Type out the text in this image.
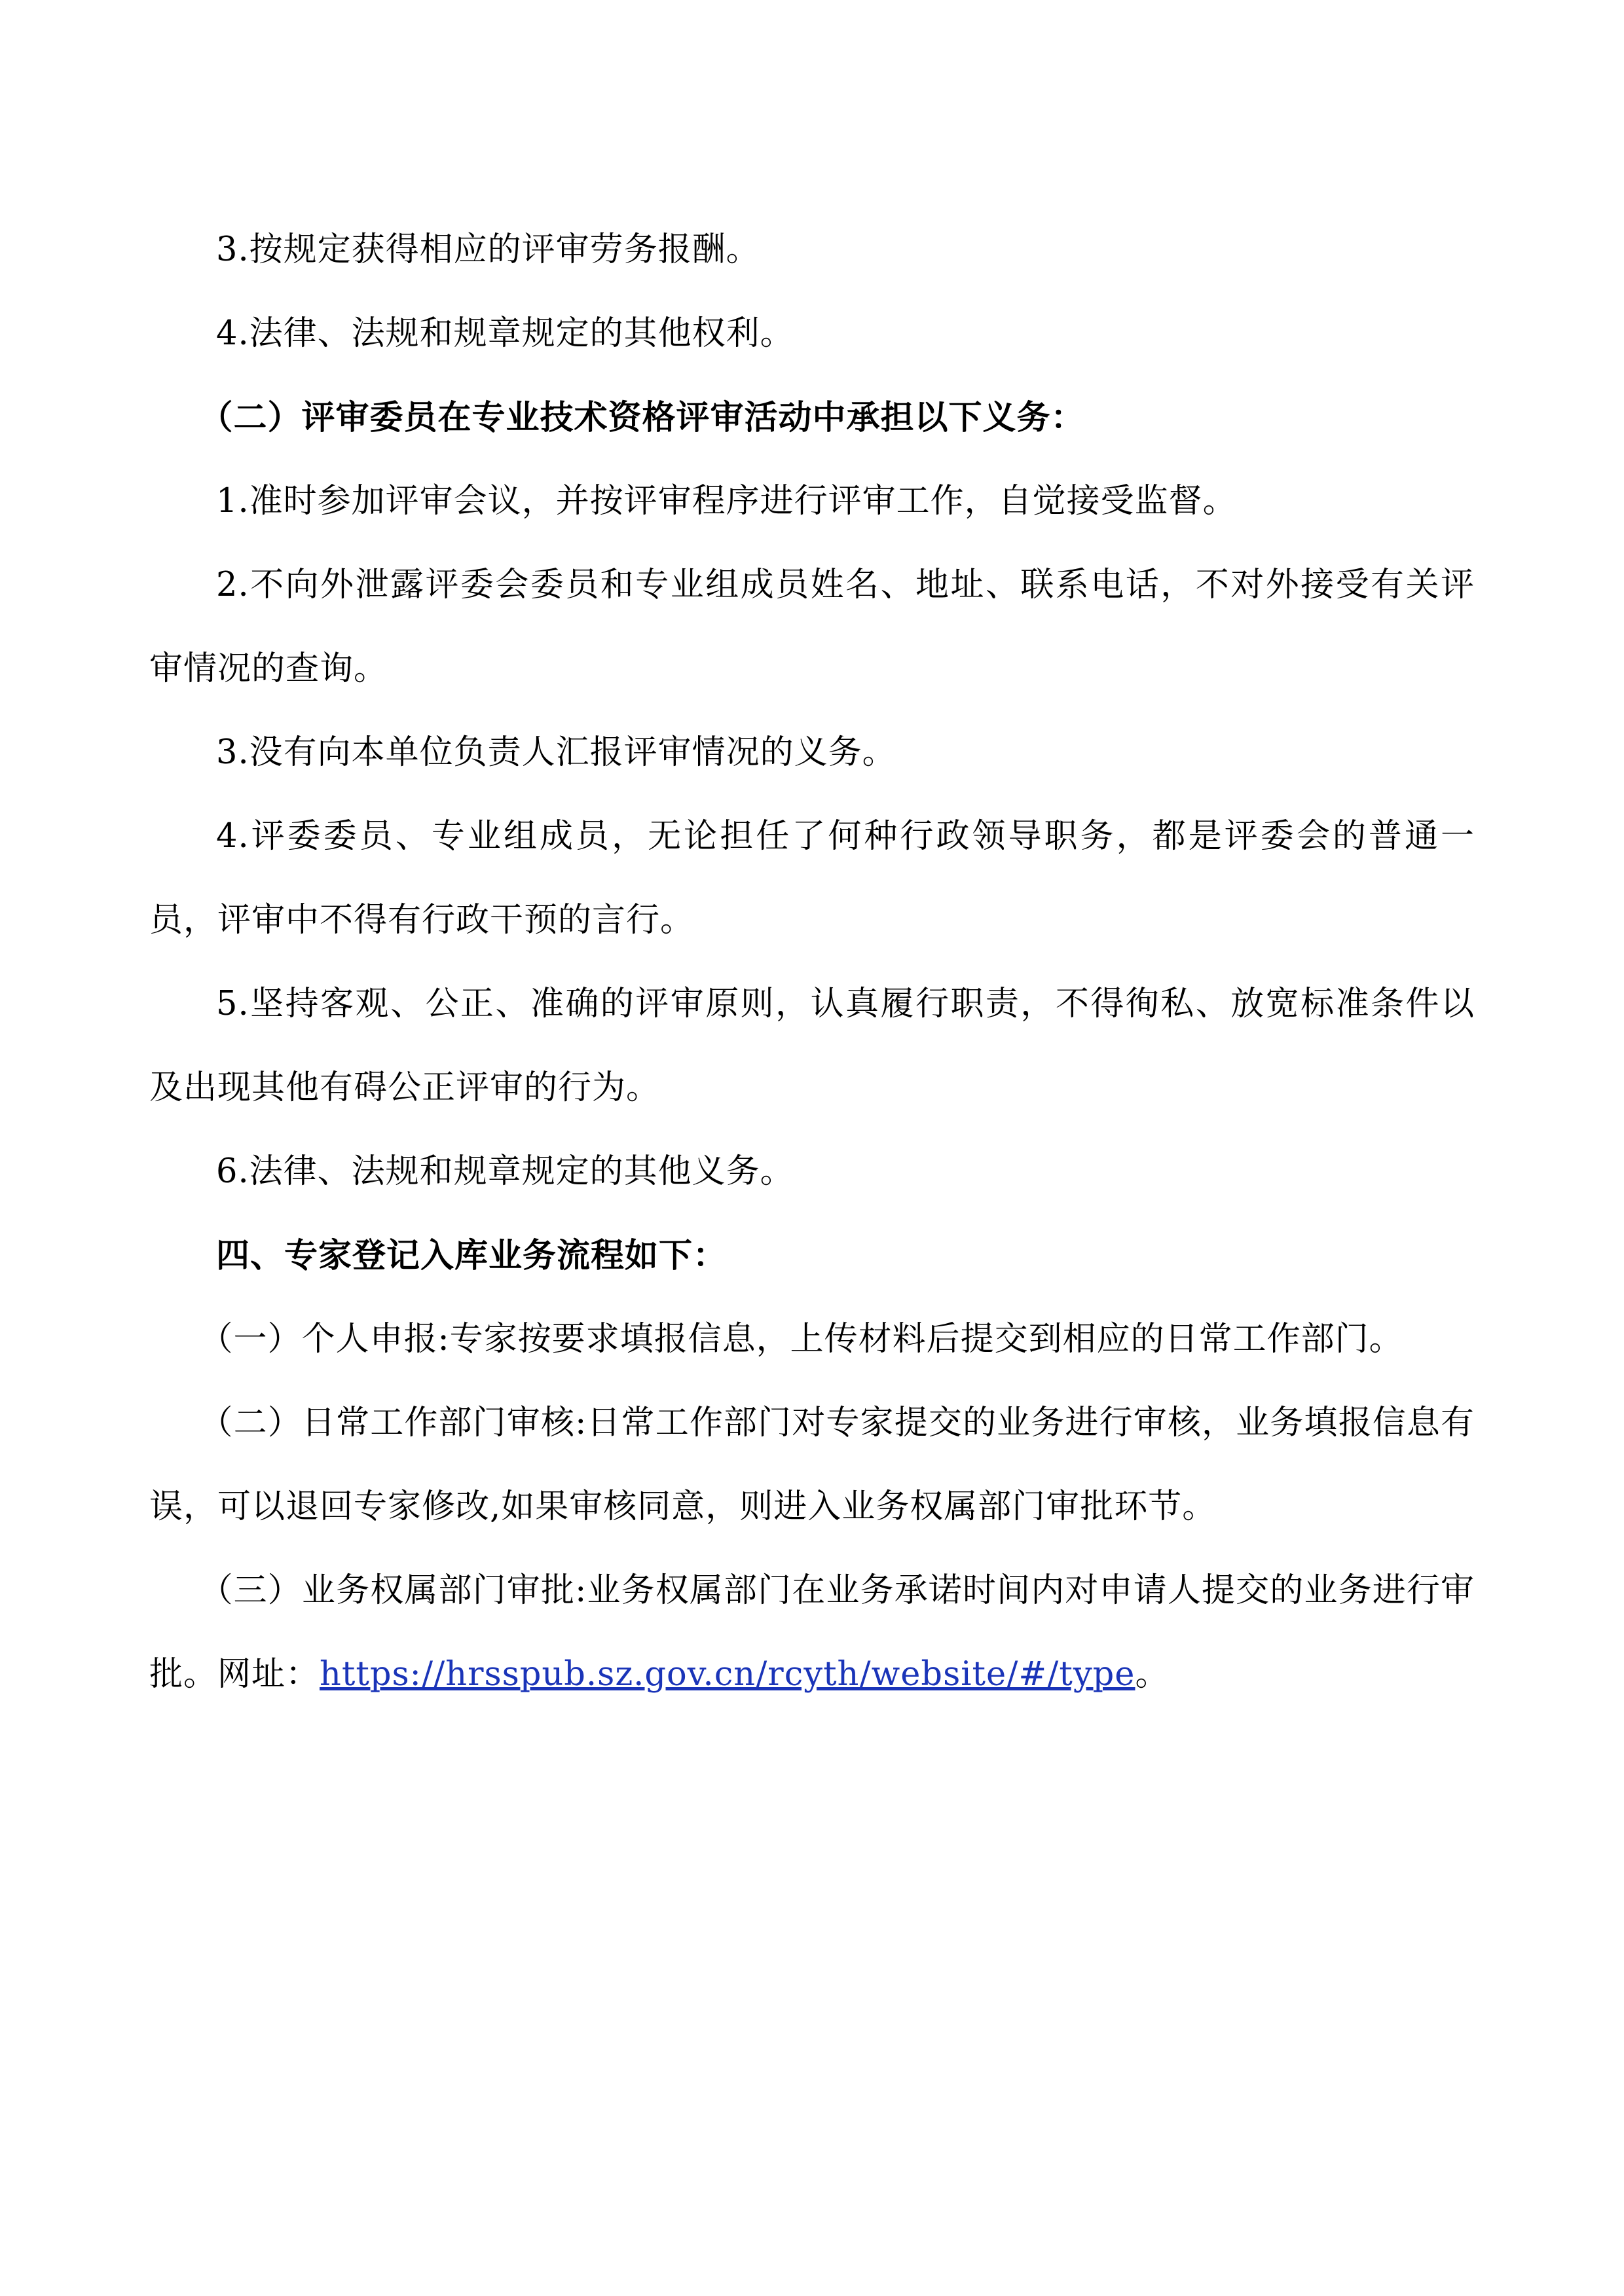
3.按规定获得相应的评审劳务报酬。

4.法律、法规和规章规定的其他权利。

（二）评审委员在专业技术资格评审活动中承担以下义务：

1.准时参加评审会议，并按评审程序进行评审工作，自觉接受监督。

2.不向外泄露评委会委员和专业组成员姓名、地址、联系电话，不对外接受有关评审情况的查询。

3.没有向本单位负责人汇报评审情况的义务。

4.评委委员、专业组成员，无论担任了何种行政领导职务，都是评委会的普通一员，评审中不得有行政干预的言行。

5.坚持客观、公正、准确的评审原则，认真履行职责，不得徇私、放宽标准条件以及出现其他有碍公正评审的行为。

6.法律、法规和规章规定的其他义务。

四、专家登记入库业务流程如下：

（一）个人申报:专家按要求填报信息，上传材料后提交到相应的日常工作部门。

（二）日常工作部门审核:日常工作部门对专家提交的业务进行审核，业务填报信息有误，可以退回专家修改,如果审核同意，则进入业务权属部门审批环节。

（三）业务权属部门审批:业务权属部门在业务承诺时间内对申请人提交的业务进行审批。网址：https://hrsspub.sz.gov.cn/rcyth/website/#/type。
